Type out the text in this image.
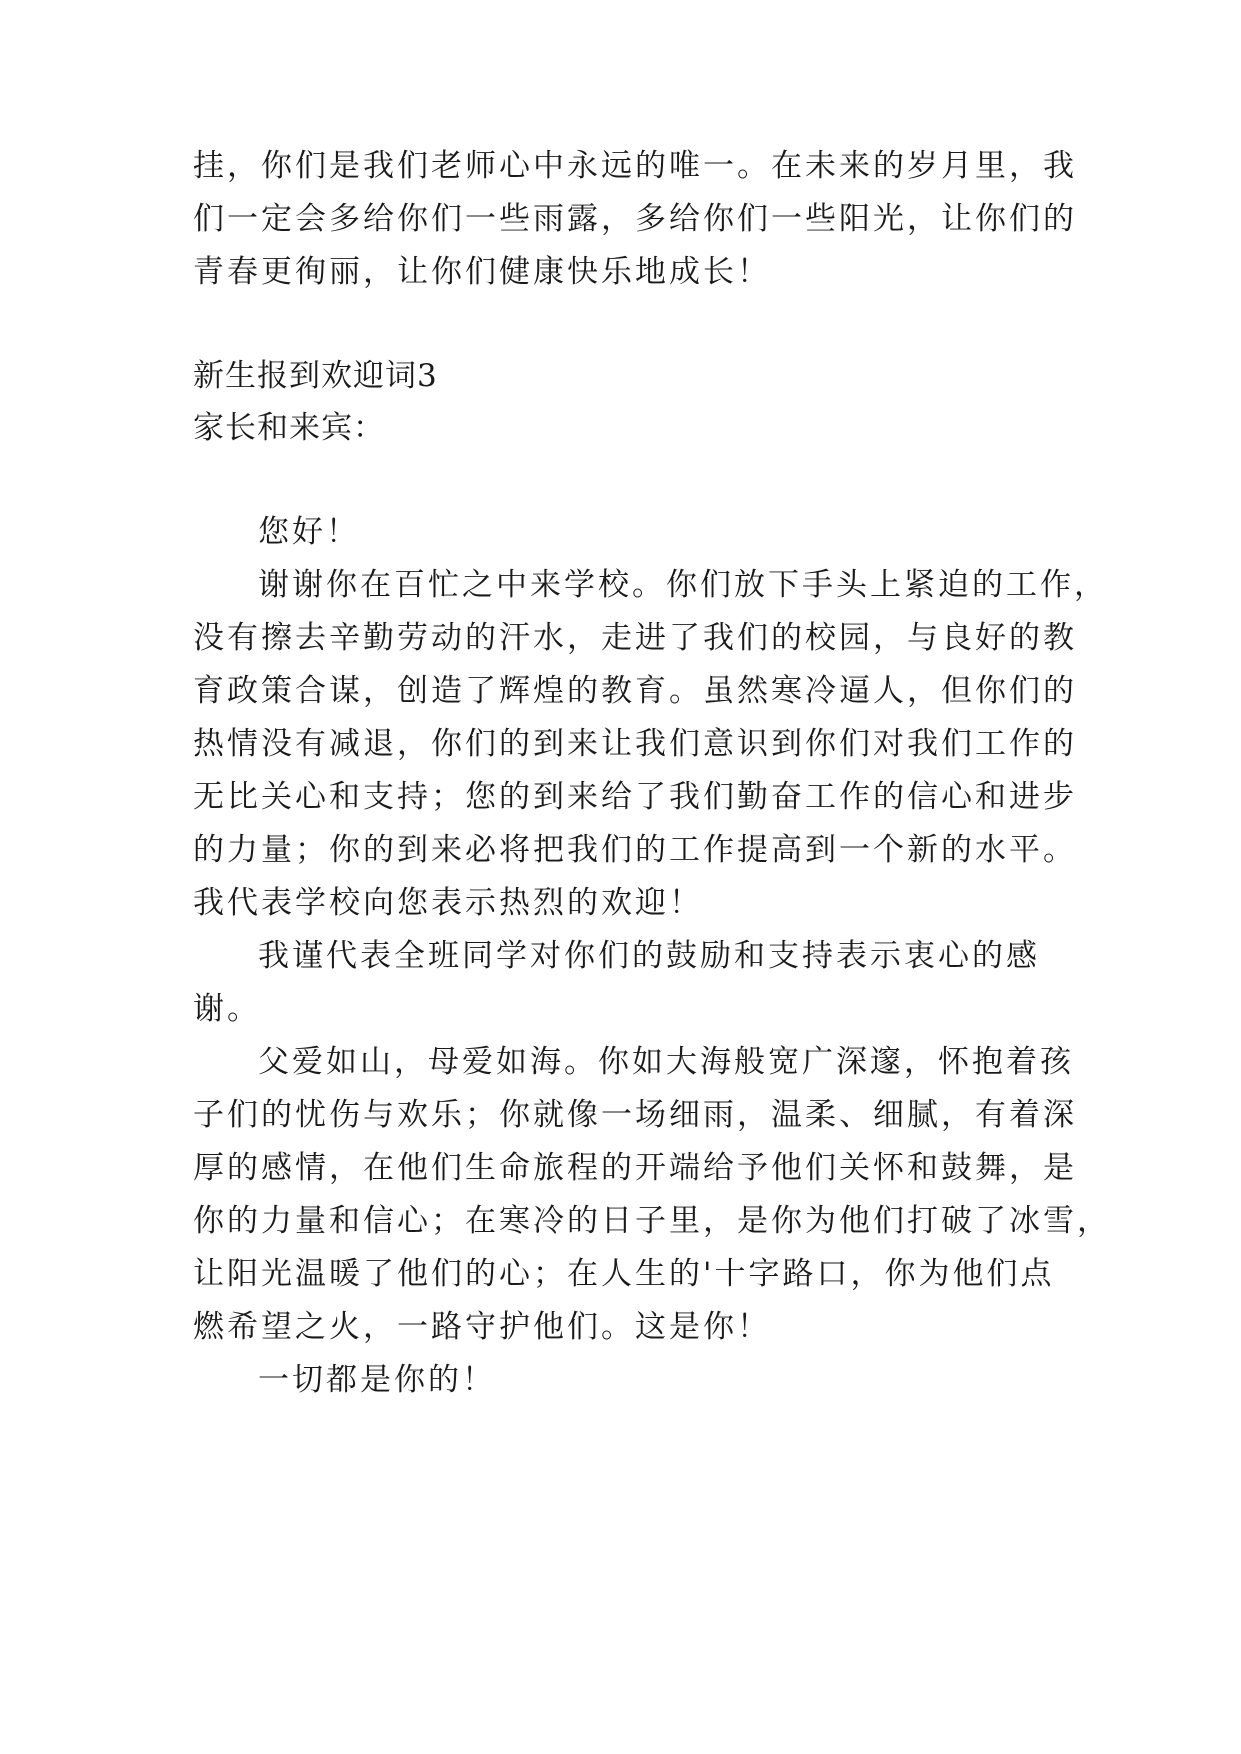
挂，你们是我们老师心中永远的唯一。在未来的岁月里，我
们一定会多给你们一些雨露，多给你们一些阳光，让你们的
青春更徇丽，让你们健康快乐地成长！
新生报到欢迎词3
家长和来宾：
您好！
谢谢你在百忙之中来学校。你们放下手头上紧迫的工作，
没有擦去辛勤劳动的汗水，走进了我们的校园，与良好的教
育政策合谋，创造了辉煌的教育。虽然寒冷逼人，但你们的
热情没有减退，你们的到来让我们意识到你们对我们工作的
无比关心和支持；您的到来给了我们勤奋工作的信心和进步
的力量；你的到来必将把我们的工作提高到一个新的水平。
我代表学校向您表示热烈的欢迎！
我谨代表全班同学对你们的鼓励和支持表示衷心的感
谢。
父爱如山，母爱如海。你如大海般宽广深邃，怀抱着孩
子们的忧伤与欢乐；你就像一场细雨，温柔、细腻，有着深
厚的感情，在他们生命旅程的开端给予他们关怀和鼓舞，是
你的力量和信心；在寒冷的日子里，是你为他们打破了冰雪，
让阳光温暖了他们的心；在人生的'十字路口，你为他们点
燃希望之火，一路守护他们。这是你！
一切都是你的！
